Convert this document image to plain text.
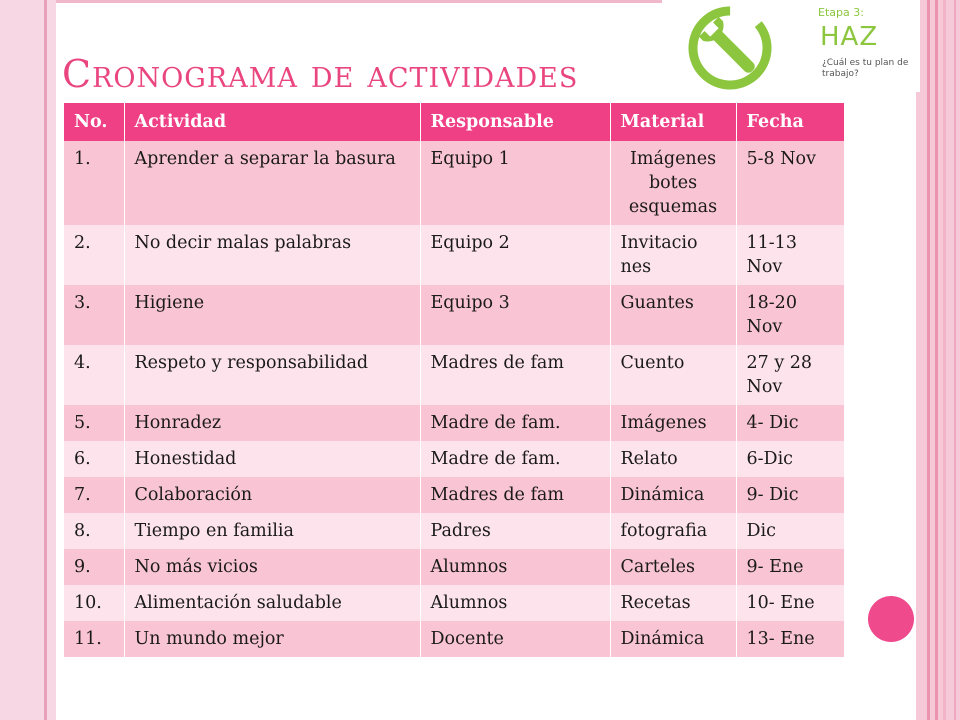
Cronograma de actividades
Etapa 3:
HAZ
¿Cuál es tu plan de trabajo?
No.	Actividad	Responsable	Material	Fecha
1.	Aprender a separar la basura	Equipo 1	Imágenes botes esquemas	5-8 Nov
2.	No decir malas palabras	Equipo 2	Invitacio nes	11-13 Nov
3.	Higiene	Equipo 3	Guantes	18-20 Nov
4.	Respeto y responsabilidad	Madres de fam	Cuento	27 y 28 Nov
5.	Honradez	Madre de fam.	Imágenes	4- Dic
6.	Honestidad	Madre de fam.	Relato	6-Dic
7.	Colaboración	Madres de fam	Dinámica	9- Dic
8.	Tiempo en familia	Padres	fotografia	Dic
9.	No más vicios	Alumnos	Carteles	9- Ene
10.	Alimentación saludable	Alumnos	Recetas	10- Ene
11.	Un mundo mejor	Docente	Dinámica	13- Ene
